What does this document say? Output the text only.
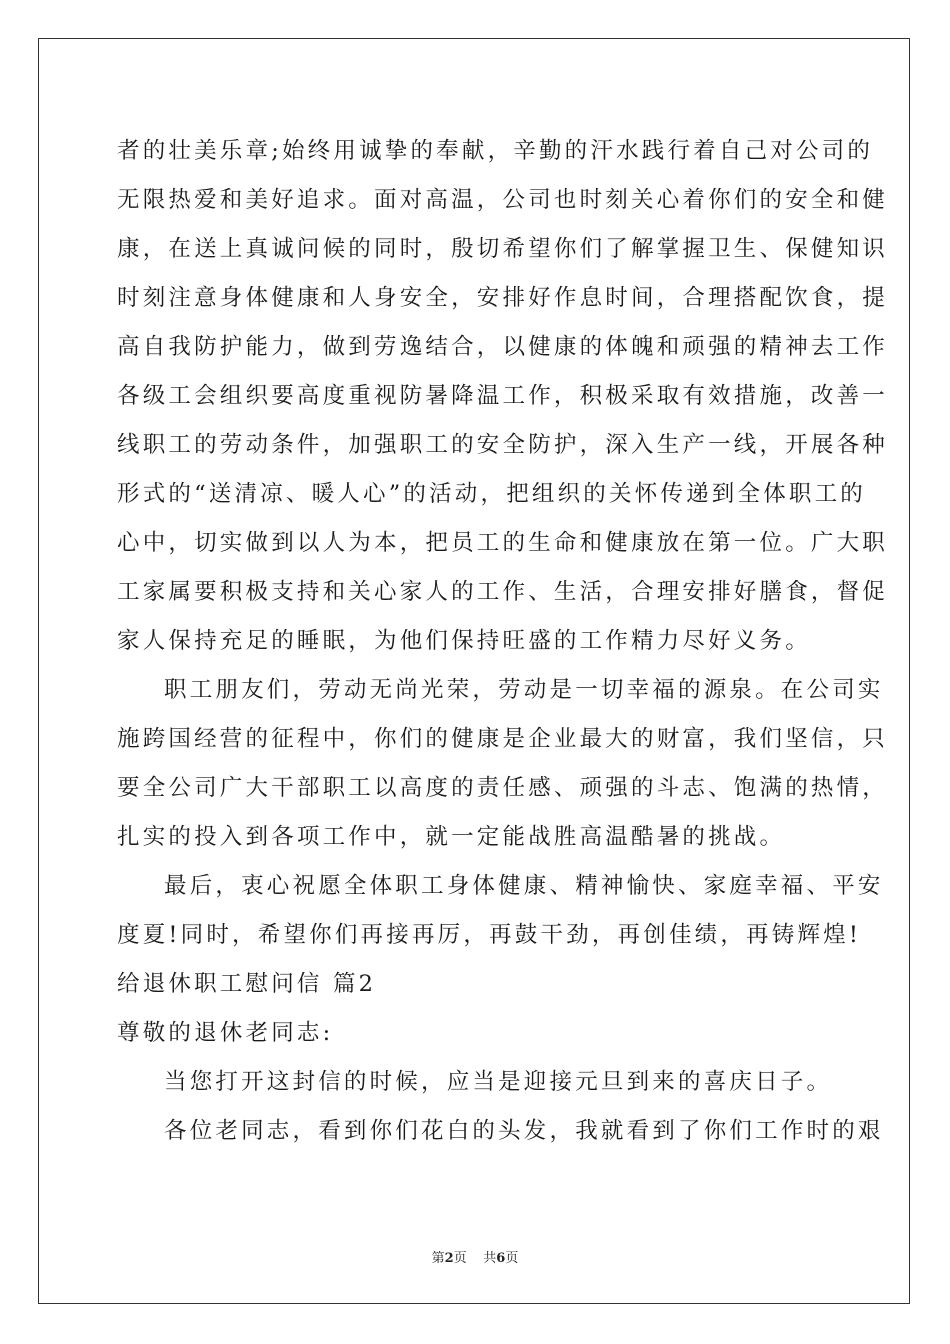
者的壮美乐章;始终用诚挚的奉献，辛勤的汗水践行着自己对公司的
无限热爱和美好追求。面对高温，公司也时刻关心着你们的安全和健
康，在送上真诚问候的同时，殷切希望你们了解掌握卫生、保健知识
时刻注意身体健康和人身安全，安排好作息时间，合理搭配饮食，提
高自我防护能力，做到劳逸结合，以健康的体魄和顽强的精神去工作
各级工会组织要高度重视防暑降温工作，积极采取有效措施，改善一
线职工的劳动条件，加强职工的安全防护，深入生产一线，开展各种
形式的“送清凉、暖人心”的活动，把组织的关怀传递到全体职工的
心中，切实做到以人为本，把员工的生命和健康放在第一位。广大职
工家属要积极支持和关心家人的工作、生活，合理安排好膳食，督促
家人保持充足的睡眠，为他们保持旺盛的工作精力尽好义务。
职工朋友们，劳动无尚光荣，劳动是一切幸福的源泉。在公司实
施跨国经营的征程中，你们的健康是企业最大的财富，我们坚信，只
要全公司广大干部职工以高度的责任感、顽强的斗志、饱满的热情，
扎实的投入到各项工作中，就一定能战胜高温酷暑的挑战。
最后，衷心祝愿全体职工身体健康、精神愉快、家庭幸福、平安
度夏!同时，希望你们再接再厉，再鼓干劲，再创佳绩，再铸辉煌!
给退休职工慰问信 篇2
尊敬的退休老同志:
当您打开这封信的时候，应当是迎接元旦到来的喜庆日子。
各位老同志，看到你们花白的头发，我就看到了你们工作时的艰
第2页 共6页
